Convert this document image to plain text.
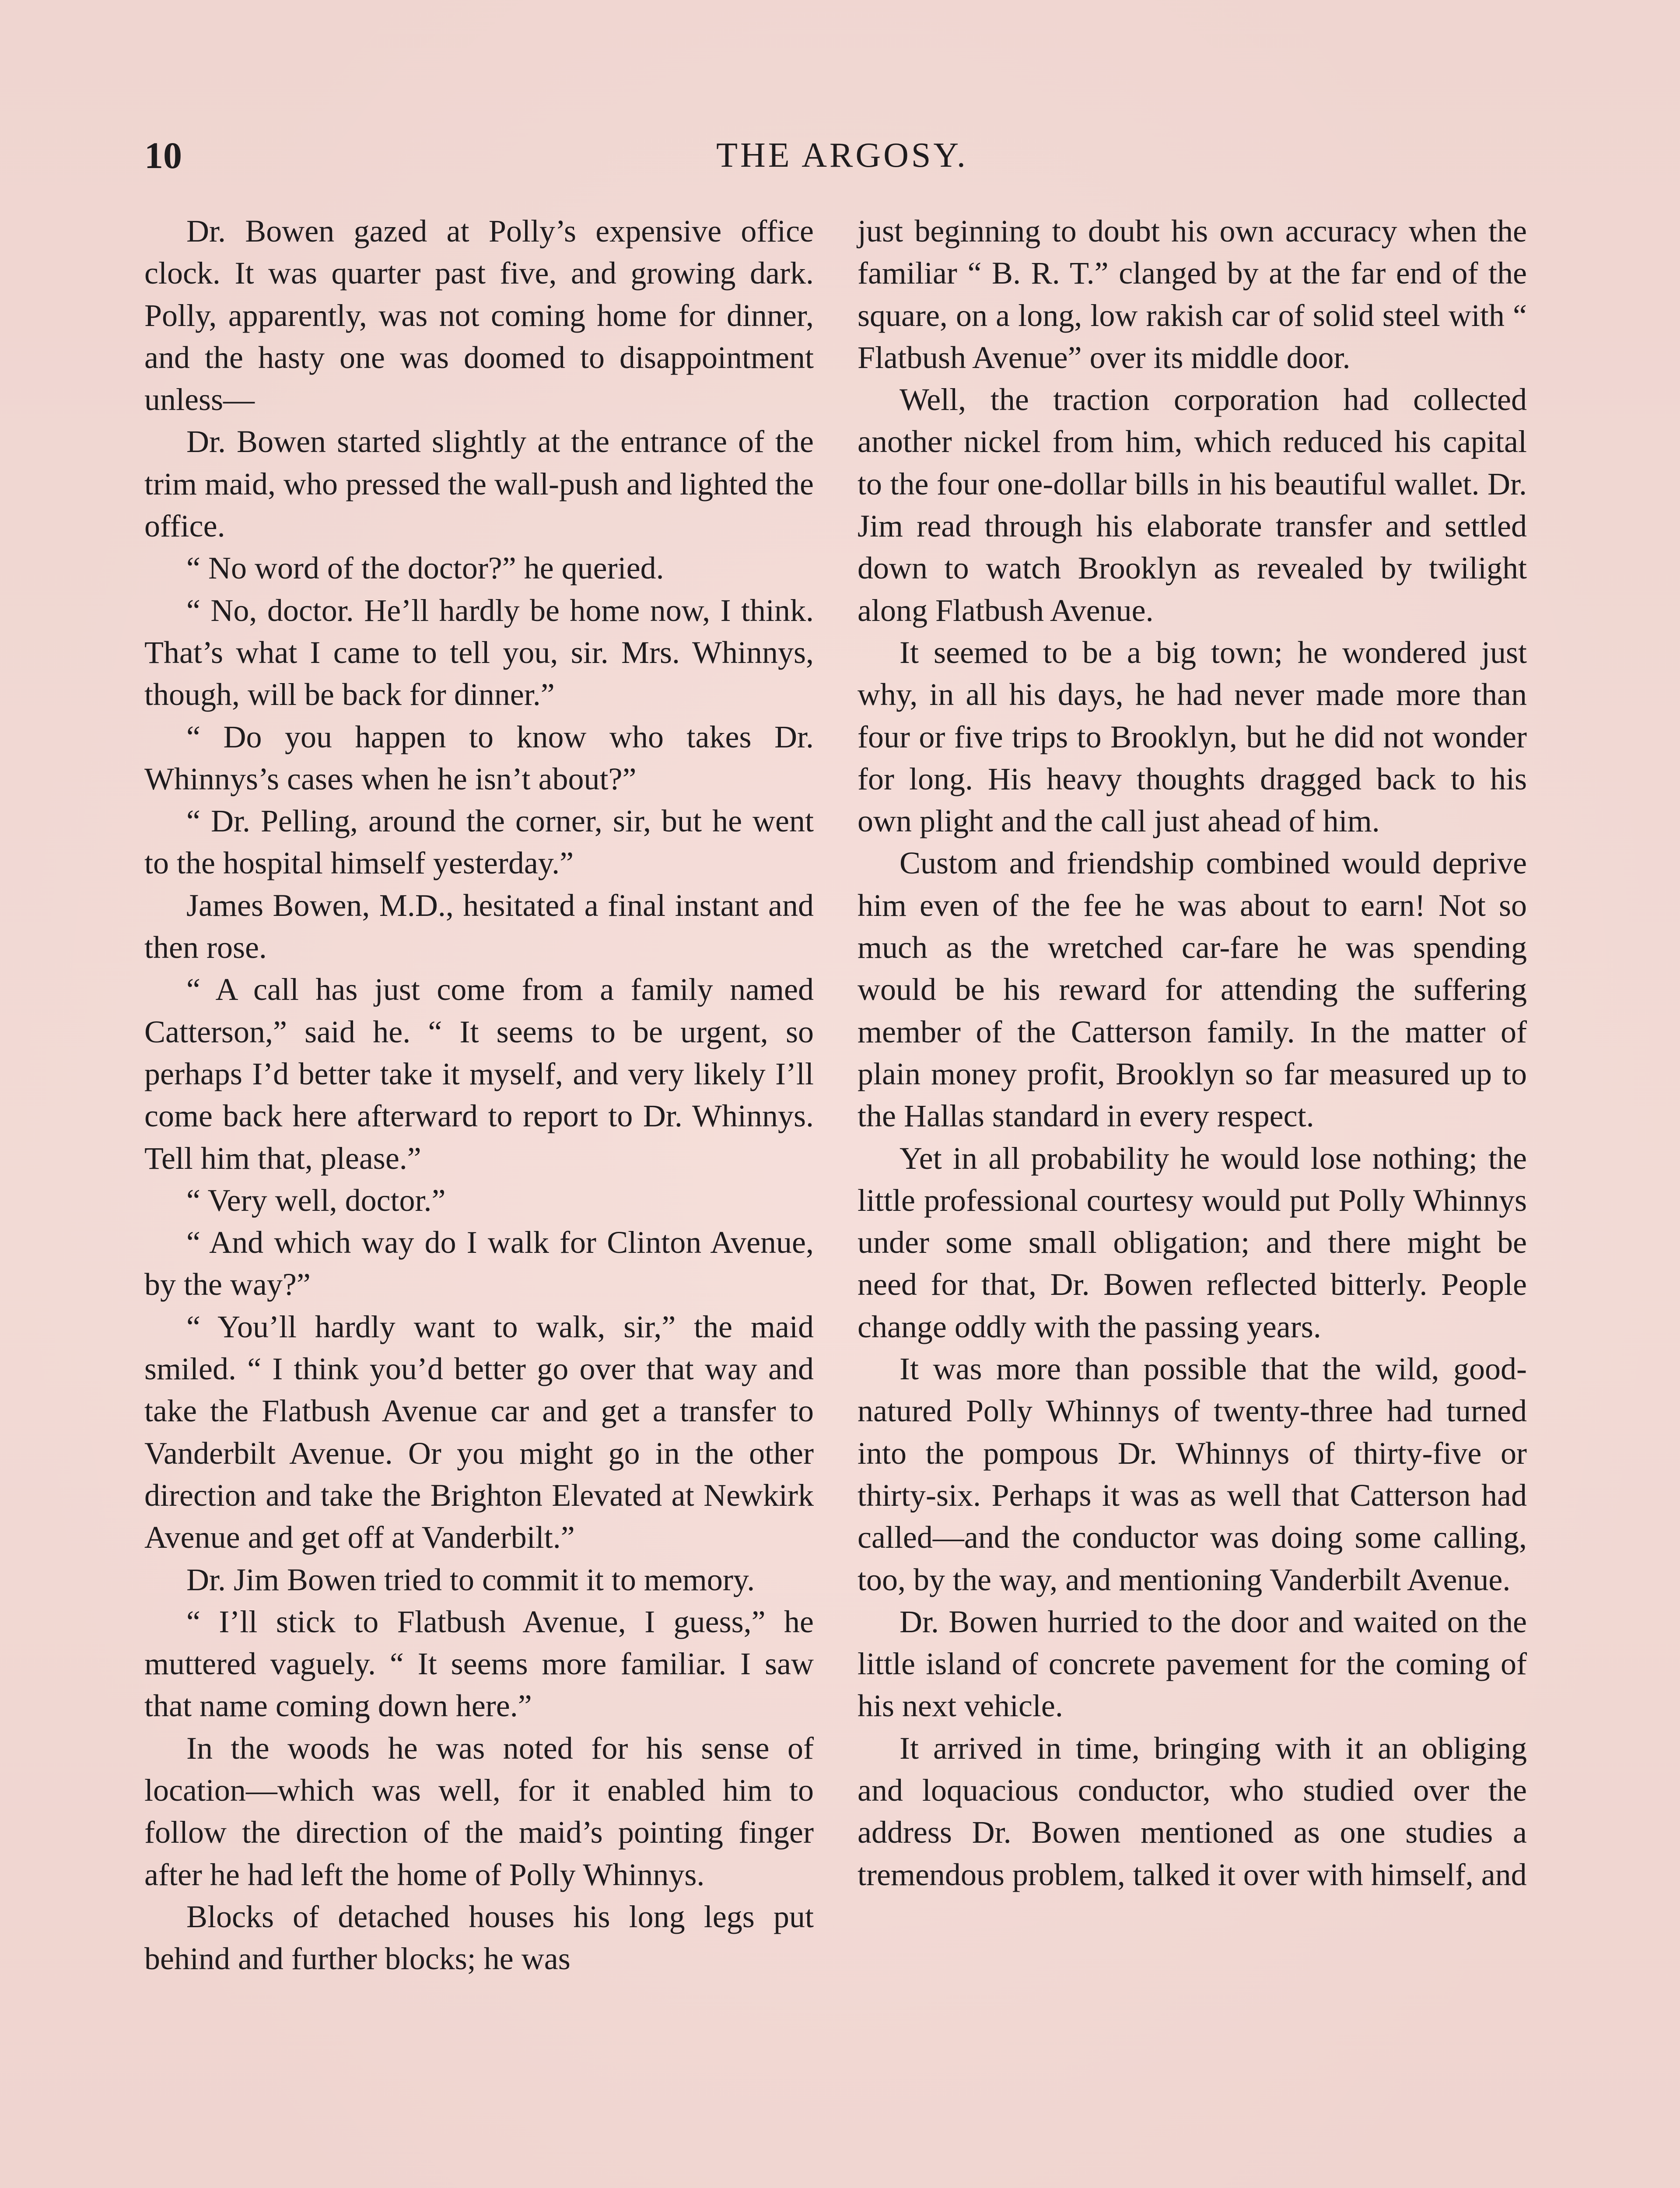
10	THE ARGOSY.

Dr. Bowen gazed at Polly’s expensive office clock. It was quarter past five, and growing dark. Polly, apparently, was not coming home for dinner, and the hasty one was doomed to disappointment unless—

Dr. Bowen started slightly at the entrance of the trim maid, who pressed the wall-push and lighted the office.

“ No word of the doctor?” he queried.

“ No, doctor. He’ll hardly be home now, I think. That’s what I came to tell you, sir. Mrs. Whinnys, though, will be back for dinner.”

“ Do you happen to know who takes Dr. Whinnys’s cases when he isn’t about?”

“ Dr. Pelling, around the corner, sir, but he went to the hospital himself yesterday.”

James Bowen, M.D., hesitated a final instant and then rose.

“ A call has just come from a family named Catterson,” said he. “ It seems to be urgent, so perhaps I’d better take it myself, and very likely I’ll come back here afterward to report to Dr. Whinnys. Tell him that, please.”

“ Very well, doctor.”

“ And which way do I walk for Clinton Avenue, by the way?”

“ You’ll hardly want to walk, sir,” the maid smiled. “ I think you’d better go over that way and take the Flatbush Avenue car and get a transfer to Vanderbilt Avenue. Or you might go in the other direction and take the Brighton Elevated at Newkirk Avenue and get off at Vanderbilt.”

Dr. Jim Bowen tried to commit it to memory.

“ I’ll stick to Flatbush Avenue, I guess,” he muttered vaguely. “ It seems more familiar. I saw that name coming down here.”

In the woods he was noted for his sense of location—which was well, for it enabled him to follow the direction of the maid’s pointing finger after he had left the home of Polly Whinnys.

Blocks of detached houses his long legs put behind and further blocks; he was

just beginning to doubt his own accuracy when the familiar “ B. R. T.” clanged by at the far end of the square, on a long, low rakish car of solid steel with “ Flatbush Avenue” over its middle door.

Well, the traction corporation had collected another nickel from him, which reduced his capital to the four one-dollar bills in his beautiful wallet. Dr. Jim read through his elaborate transfer and settled down to watch Brooklyn as revealed by twilight along Flatbush Avenue.

It seemed to be a big town; he wondered just why, in all his days, he had never made more than four or five trips to Brooklyn, but he did not wonder for long. His heavy thoughts dragged back to his own plight and the call just ahead of him.

Custom and friendship combined would deprive him even of the fee he was about to earn! Not so much as the wretched car-fare he was spending would be his reward for attending the suffering member of the Catterson family. In the matter of plain money profit, Brooklyn so far measured up to the Hallas standard in every respect.

Yet in all probability he would lose nothing; the little professional courtesy would put Polly Whinnys under some small obligation; and there might be need for that, Dr. Bowen reflected bitterly. People change oddly with the passing years.

It was more than possible that the wild, good-natured Polly Whinnys of twenty-three had turned into the pompous Dr. Whinnys of thirty-five or thirty-six. Perhaps it was as well that Catterson had called—and the conductor was doing some calling, too, by the way, and mentioning Vanderbilt Avenue.

Dr. Bowen hurried to the door and waited on the little island of concrete pavement for the coming of his next vehicle.

It arrived in time, bringing with it an obliging and loquacious conductor, who studied over the address Dr. Bowen mentioned as one studies a tremendous problem, talked it over with himself, and
